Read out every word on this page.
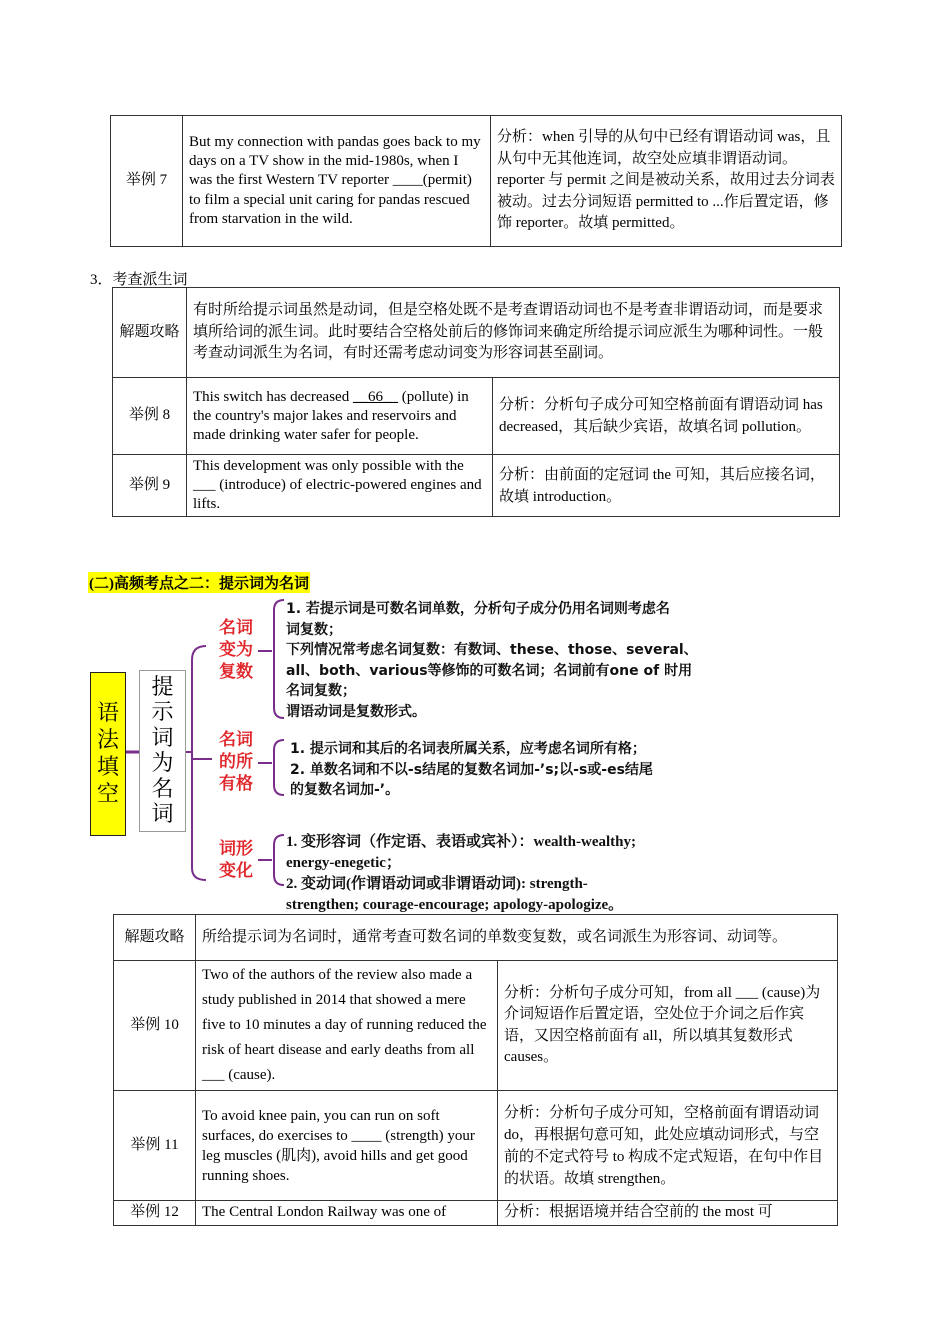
举例 7	But my connection with pandas goes back to my days on a TV show in the mid-1980s, when I was the first Western TV reporter ____(permit) to film a special unit caring for pandas rescued from starvation in the wild.	分析：when 引导的从句中已经有谓语动词 was，且从句中无其他连词，故空处应填非谓语动词。reporter 与 permit 之间是被动关系，故用过去分词表被动。过去分词短语 permitted to ...作后置定语，修饰 reporter。故填 permitted。
3．考查派生词
解题攻略	有时所给提示词虽然是动词，但是空格处既不是考查谓语动词也不是考查非谓语动词，而是要求填所给词的派生词。此时要结合空格处前后的修饰词来确定所给提示词应派生为哪种词性。一般考查动词派生为名词，有时还需考虑动词变为形容词甚至副词。	
举例 8	This switch has decreased __66__ (pollute) in the country's major lakes and reservoirs and made drinking water safer for people.	分析：分析句子成分可知空格前面有谓语动词 has decreased，其后缺少宾语，故填名词 pollution。
举例 9	This development was only possible with the ___ (introduce) of electric-powered engines and lifts.	分析：由前面的定冠词 the 可知，其后应接名词，故填 introduction。
(二)高频考点之二：提示词为名词
语
法
填
空
提
示
词
为
名
词
名词
变为
复数
名词
的所
有格
词形
变化
1. 若提示词是可数名词单数，分析句子成分仍用名词则考虑名
词复数；
下列情况常考虑名词复数：有数词、these、those、several、
all、both、various等修饰的可数名词；名词前有one of 时用
名词复数；
谓语动词是复数形式。
1. 提示词和其后的名词表所属关系，应考虑名词所有格；
2. 单数名词和不以-s结尾的复数名词加-’s;以-s或-es结尾
的复数名词加-’。
1. 变形容词（作定语、表语或宾补）：wealth-wealthy;
energy-enegetic；
2. 变动词(作谓语动词或非谓语动词): strength-
strengthen; courage-encourage; apology-apologize。
解题攻略	所给提示词为名词时，通常考查可数名词的单数变复数，或名词派生为形容词、动词等。	
举例 10	Two of the authors of the review also made a study published in 2014 that showed a mere five to 10 minutes a day of running reduced the risk of heart disease and early deaths from all ___ (cause).	分析：分析句子成分可知，from all ___ (cause)为介词短语作后置定语，空处位于介词之后作宾语，又因空格前面有 all，所以填其复数形式 causes。
举例 11	To avoid knee pain, you can run on soft surfaces, do exercises to ____ (strength) your leg muscles (肌肉), avoid hills and get good running shoes.	分析：分析句子成分可知，空格前面有谓语动词 do，再根据句意可知，此处应填动词形式，与空前的不定式符号 to 构成不定式短语，在句中作目的状语。故填 strengthen。
举例 12	The Central London Railway was one of	分析：根据语境并结合空前的 the most 可
